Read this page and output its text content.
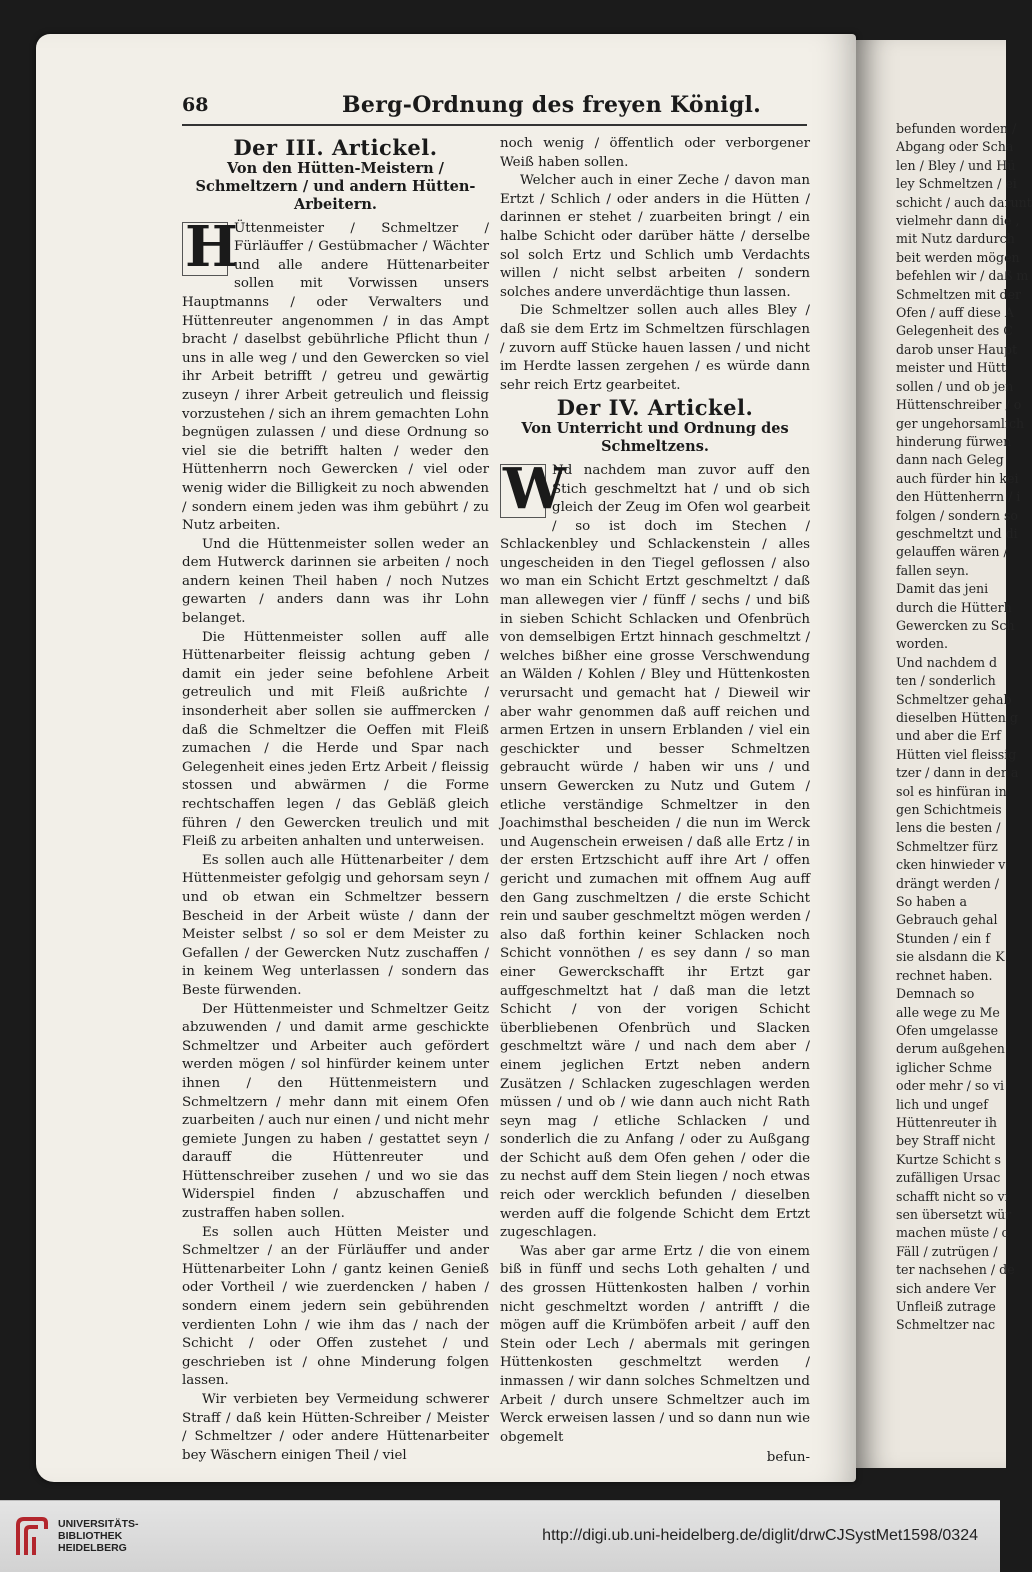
befunden worden /
Abgang oder Scha
len / Bley / und Hü
ley Schmeltzen / ei
schicht / auch darunt
vielmehr dann die ,
mit Nutz dardurch
beit werden mögen
befehlen wir / daß m
Schmeltzen mit der
Ofen / auff diese A
Gelegenheit des C
darob unser Haupt
meister und Hütt
sollen / und ob jen
Hüttenschreiber / o
ger ungehorsamlich
hinderung fürwen
dann nach Geleg
auch fürder hin kei
den Hüttenherrn / i
folgen / sondern so
geschmeltzt und di
gelauffen wären /
fallen seyn.
Damit das jeni
durch die Hütterh
Gewercken zu Sch
worden.
Und nachdem d
ten / sonderlich
Schmeltzer gehab
dieselben Hütten g
und aber die Erf
Hütten viel fleissig
tzer / dann in der a
sol es hinfüran in
gen Schichtmeis
lens die besten /
Schmeltzer fürz
cken hinwieder v
drängt werden /
So haben a
Gebrauch gehal
Stunden / ein f
sie alsdann die K
rechnet haben.
Demnach so
alle wege zu Me
Ofen umgelasse
derum außgehen
iglicher Schme
oder mehr / so vi
lich und ungef
Hüttenreuter ih
bey Straff nicht
Kurtze Schicht s
zufälligen Ursac
schafft nicht so vi
sen übersetzt wür
machen müste / c
Fäll / zutrügen /
ter nachsehen / de
sich andere Ver
Unfleiß zutrage
Schmeltzer nac
68	Berg-Ordnung des freyen Königl.
Der III. Artickel.
Von den Hütten-Meistern / Schmeltzern / und andern Hütten-Arbeitern.

H
Üttenmeister / Schmeltzer / Fürläuffer / Gestübmacher / Wächter und alle andere Hüttenarbeiter sollen mit Vorwissen unsers Hauptmanns / oder Verwalters und Hüttenreuter angenommen / in das Ampt bracht / daselbst gebührliche Pflicht thun / uns in alle weg / und den Gewercken so viel ihr Arbeit betrifft / getreu und gewärtig zuseyn / ihrer Arbeit getreulich und fleissig vorzustehen / sich an ihrem gemachten Lohn begnügen zulassen / und diese Ordnung so viel sie die betrifft halten / weder den Hüttenherrn noch Gewercken / viel oder wenig wider die Billigkeit zu noch abwenden / sondern einem jeden was ihm gebührt / zu Nutz arbeiten.

Und die Hüttenmeister sollen weder an dem Hutwerck darinnen sie arbeiten / noch andern keinen Theil haben / noch Nutzes gewarten / anders dann was ihr Lohn belanget.

Die Hüttenmeister sollen auff alle Hüttenarbeiter fleissig achtung geben / damit ein jeder seine befohlene Arbeit getreulich und mit Fleiß außrichte / insonderheit aber sollen sie auffmercken / daß die Schmeltzer die Oeffen mit Fleiß zumachen / die Herde und Spar nach Gelegenheit eines jeden Ertz Arbeit / fleissig stossen und abwärmen / die Forme rechtschaffen legen / das Gebläß gleich führen / den Gewercken treulich und mit Fleiß zu arbeiten anhalten und unterweisen.

Es sollen auch alle Hüttenarbeiter / dem Hüttenmeister gefolgig und gehorsam seyn / und ob etwan ein Schmeltzer bessern Bescheid in der Arbeit wüste / dann der Meister selbst / so sol er dem Meister zu Gefallen / der Gewercken Nutz zuschaffen / in keinem Weg unterlassen / sondern das Beste fürwenden.

Der Hüttenmeister und Schmeltzer Geitz abzuwenden / und damit arme geschickte Schmeltzer und Arbeiter auch gefördert werden mögen / sol hinfürder keinem unter ihnen / den Hüttenmeistern und Schmeltzern / mehr dann mit einem Ofen zuarbeiten / auch nur einen / und nicht mehr gemiete Jungen zu haben / gestattet seyn / darauff die Hüttenreuter und Hüttenschreiber zusehen / und wo sie das Widerspiel finden / abzuschaffen und zustraffen haben sollen.

Es sollen auch Hütten Meister und Schmeltzer / an der Fürläuffer und ander Hüttenarbeiter Lohn / gantz keinen Genieß oder Vortheil / wie zuerdencken / haben / sondern einem jedern sein gebührenden verdienten Lohn / wie ihm das / nach der Schicht / oder Offen zustehet / und geschrieben ist / ohne Minderung folgen lassen.

Wir verbieten bey Vermeidung schwerer Straff / daß kein Hütten-Schreiber / Meister / Schmeltzer / oder andere Hüttenarbeiter bey Wäschern einigen Theil / viel

noch wenig / öffentlich oder verborgener Weiß haben sollen.

Welcher auch in einer Zeche / davon man Ertzt / Schlich / oder anders in die Hütten / darinnen er stehet / zuarbeiten bringt / ein halbe Schicht oder darüber hätte / derselbe sol solch Ertz und Schlich umb Verdachts willen / nicht selbst arbeiten / sondern solches andere unverdächtige thun lassen.

Die Schmeltzer sollen auch alles Bley / daß sie dem Ertz im Schmeltzen fürschlagen / zuvorn auff Stücke hauen lassen / und nicht im Herdte lassen zergehen / es würde dann sehr reich Ertz gearbeitet.

Der IV. Artickel.
Von Unterricht und Ordnung des Schmeltzens.

W
Nd nachdem man zuvor auff den Stich geschmeltzt hat / und ob sich gleich der Zeug im Ofen wol gearbeit / so ist doch im Stechen / Schlackenbley und Schlackenstein / alles ungescheiden in den Tiegel geflossen / also wo man ein Schicht Ertzt geschmeltzt / daß man allewegen vier / fünff / sechs / und biß in sieben Schicht Schlacken und Ofenbrüch von demselbigen Ertzt hinnach geschmeltzt / welches bißher eine grosse Verschwendung an Wälden / Kohlen / Bley und Hüttenkosten verursacht und gemacht hat / Dieweil wir aber wahr genommen daß auff reichen und armen Ertzen in unsern Erblanden / viel ein geschickter und besser Schmeltzen gebraucht würde / haben wir uns / und unsern Gewercken zu Nutz und Gutem / etliche verständige Schmeltzer in den Joachimsthal bescheiden / die nun im Werck und Augenschein erweisen / daß alle Ertz / in der ersten Ertzschicht auff ihre Art / offen gericht und zumachen mit offnem Aug auff den Gang zuschmeltzen / die erste Schicht rein und sauber geschmeltzt mögen werden / also daß forthin keiner Schlacken noch Schicht vonnöthen / es sey dann / so man einer Gewerckschafft ihr Ertzt gar auffgeschmeltzt hat / daß man die letzt Schicht / von der vorigen Schicht überbliebenen Ofenbrüch und Slacken geschmeltzt wäre / und nach dem aber / einem jeglichen Ertzt neben andern Zusätzen / Schlacken zugeschlagen werden müssen / und ob / wie dann auch nicht Rath seyn mag / etliche Schlacken / und sonderlich die zu Anfang / oder zu Außgang der Schicht auß dem Ofen gehen / oder die zu nechst auff dem Stein liegen / noch etwas reich oder wercklich befunden / dieselben werden auff die folgende Schicht dem Ertzt zugeschlagen.

Was aber gar arme Ertz / die von einem biß in fünff und sechs Loth gehalten / und des grossen Hüttenkosten halben / vorhin nicht geschmeltzt worden / antrifft / die mögen auff die Krümböfen arbeit / auff den Stein oder Lech / abermals mit geringen Hüttenkosten geschmeltzt werden / inmassen / wir dann solches Schmeltzen und Arbeit / durch unsere Schmeltzer auch im Werck erweisen lassen / und so dann nun wie obgemelt

befun-
UNIVERSITÄTS-
BIBLIOTHEK
HEIDELBERG
http://digi.ub.uni-heidelberg.de/diglit/drwCJSystMet1598/0324
